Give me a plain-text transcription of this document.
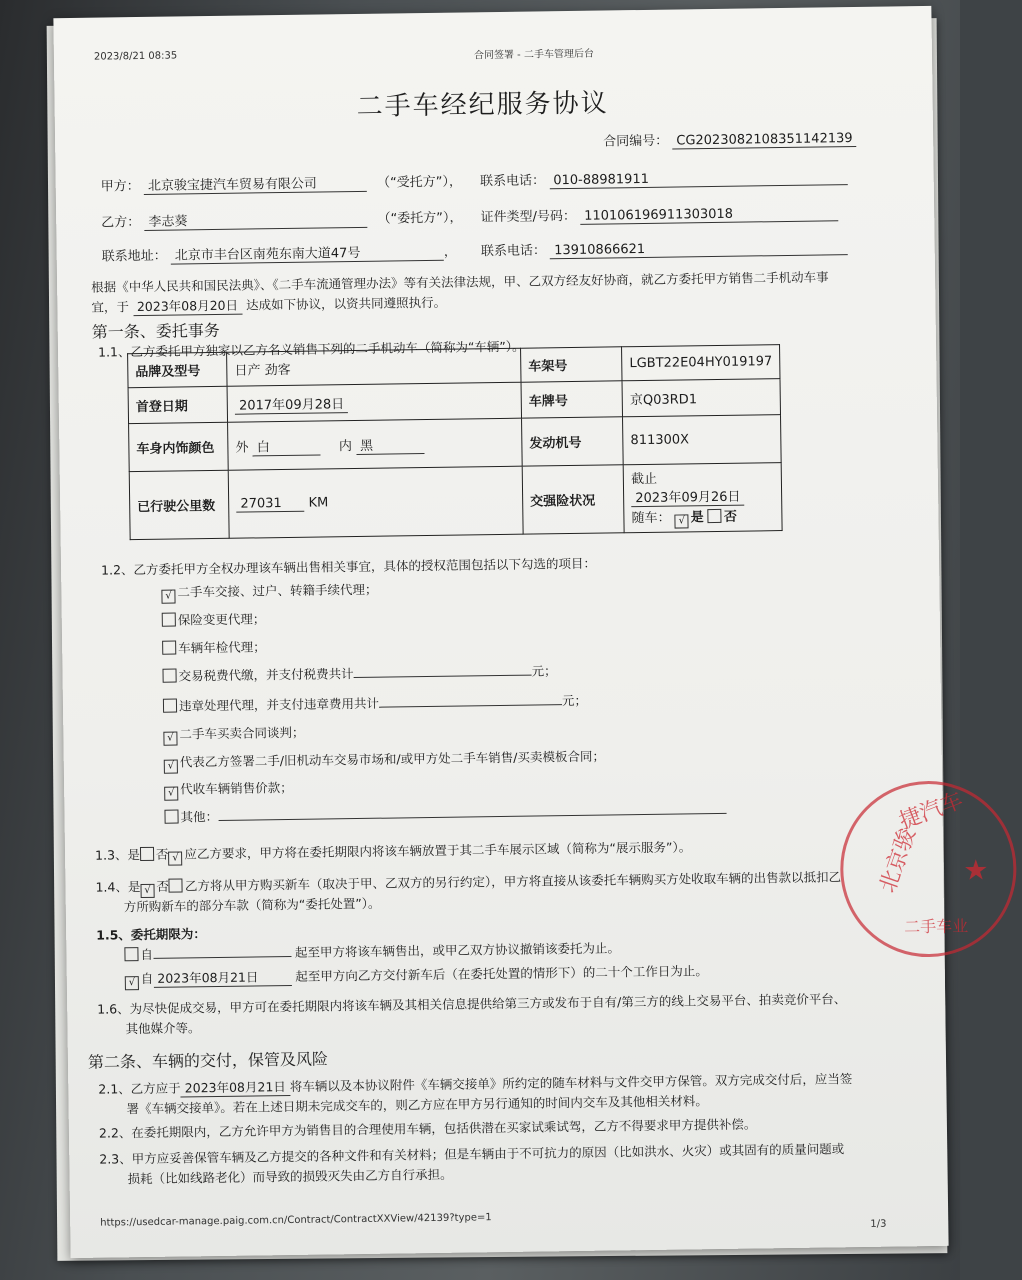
2023/8/21 08:35	合同签署 - 二手车管理后台
二手车经纪服务协议
合同编号： CG2023082108351142139
甲方： 北京骏宝捷汽车贸易有限公司	（“受托方”）， 联系电话： 010-88981911
乙方： 李志葵	（“委托方”）， 证件类型/号码： 110106196911303018
联系地址： 北京市丰台区南苑东南大道47号	， 联系电话： 13910866621
根据《中华人民共和国民法典》、《二手车流通管理办法》等有关法律法规，甲、乙双方经友好协商，就乙方委托甲方销售二手机动车事
宜，于 2023年08月20日 达成如下协议，以资共同遵照执行。
第一条、委托事务
1.1、乙方委托甲方独家以乙方名义销售下列的二手机动车（简称为“车辆”）。
品牌及型号	日产 劲客	车架号	LGBT22E04HY019197
首登日期	2017年09月28日	车牌号	京Q03RD1
车身内饰颜色	外 白 内 黑	发动机号	811300X
已行驶公里数	27031 KM	交强险状况	截止 2023年09月26日
随车： √ 是 否
1.2、乙方委托甲方全权办理该车辆出售相关事宜，具体的授权范围包括以下勾选的项目：
√ 二手车交接、过户、转籍手续代理；
保险变更代理；
车辆年检代理；
交易税费代缴，并支付税费共计	元；
违章处理代理，并支付违章费用共计	元；
√ 二手车买卖合同谈判；
√ 代表乙方签署二手/旧机动车交易市场和/或甲方处二手车销售/买卖模板合同；
√ 代收车辆销售价款；
其他：
1.3、是 否 √ 应乙方要求，甲方将在委托期限内将该车辆放置于其二手车展示区域（简称为“展示服务”）。
1.4、是 √ 否 乙方将从甲方购买新车（取决于甲、乙双方的另行约定），甲方将直接从该委托车辆购买方处收取车辆的出售款以抵扣乙
方所购新车的部分车款（简称为“委托处置”）。
1.5、委托期限为：
自	起至甲方将该车辆售出，或甲乙双方协议撤销该委托为止。
√ 自 2023年08月21日	起至甲方向乙方交付新车后（在委托处置的情形下）的二十个工作日为止。
1.6、为尽快促成交易，甲方可在委托期限内将该车辆及其相关信息提供给第三方或发布于自有/第三方的线上交易平台、拍卖竞价平台、
其他媒介等。
第二条、车辆的交付，保管及风险
2.1、乙方应于 2023年08月21日 将车辆以及本协议附件《车辆交接单》所约定的随车材料与文件交甲方保管。双方完成交付后，应当签
署《车辆交接单》。若在上述日期未完成交车的，则乙方应在甲方另行通知的时间内交车及其他相关材料。
2.2、在委托期限内，乙方允许甲方为销售目的合理使用车辆，包括供潜在买家试乘试驾，乙方不得要求甲方提供补偿。
2.3、甲方应妥善保管车辆及乙方提交的各种文件和有关材料；但是车辆由于不可抗力的原因（比如洪水、火灾）或其固有的质量问题或
损耗（比如线路老化）而导致的损毁灭失由乙方自行承担。
https://usedcar-manage.paig.com.cn/Contract/ContractXXView/42139?type=1	1/3
北京骏
捷汽车
二手车业
★
